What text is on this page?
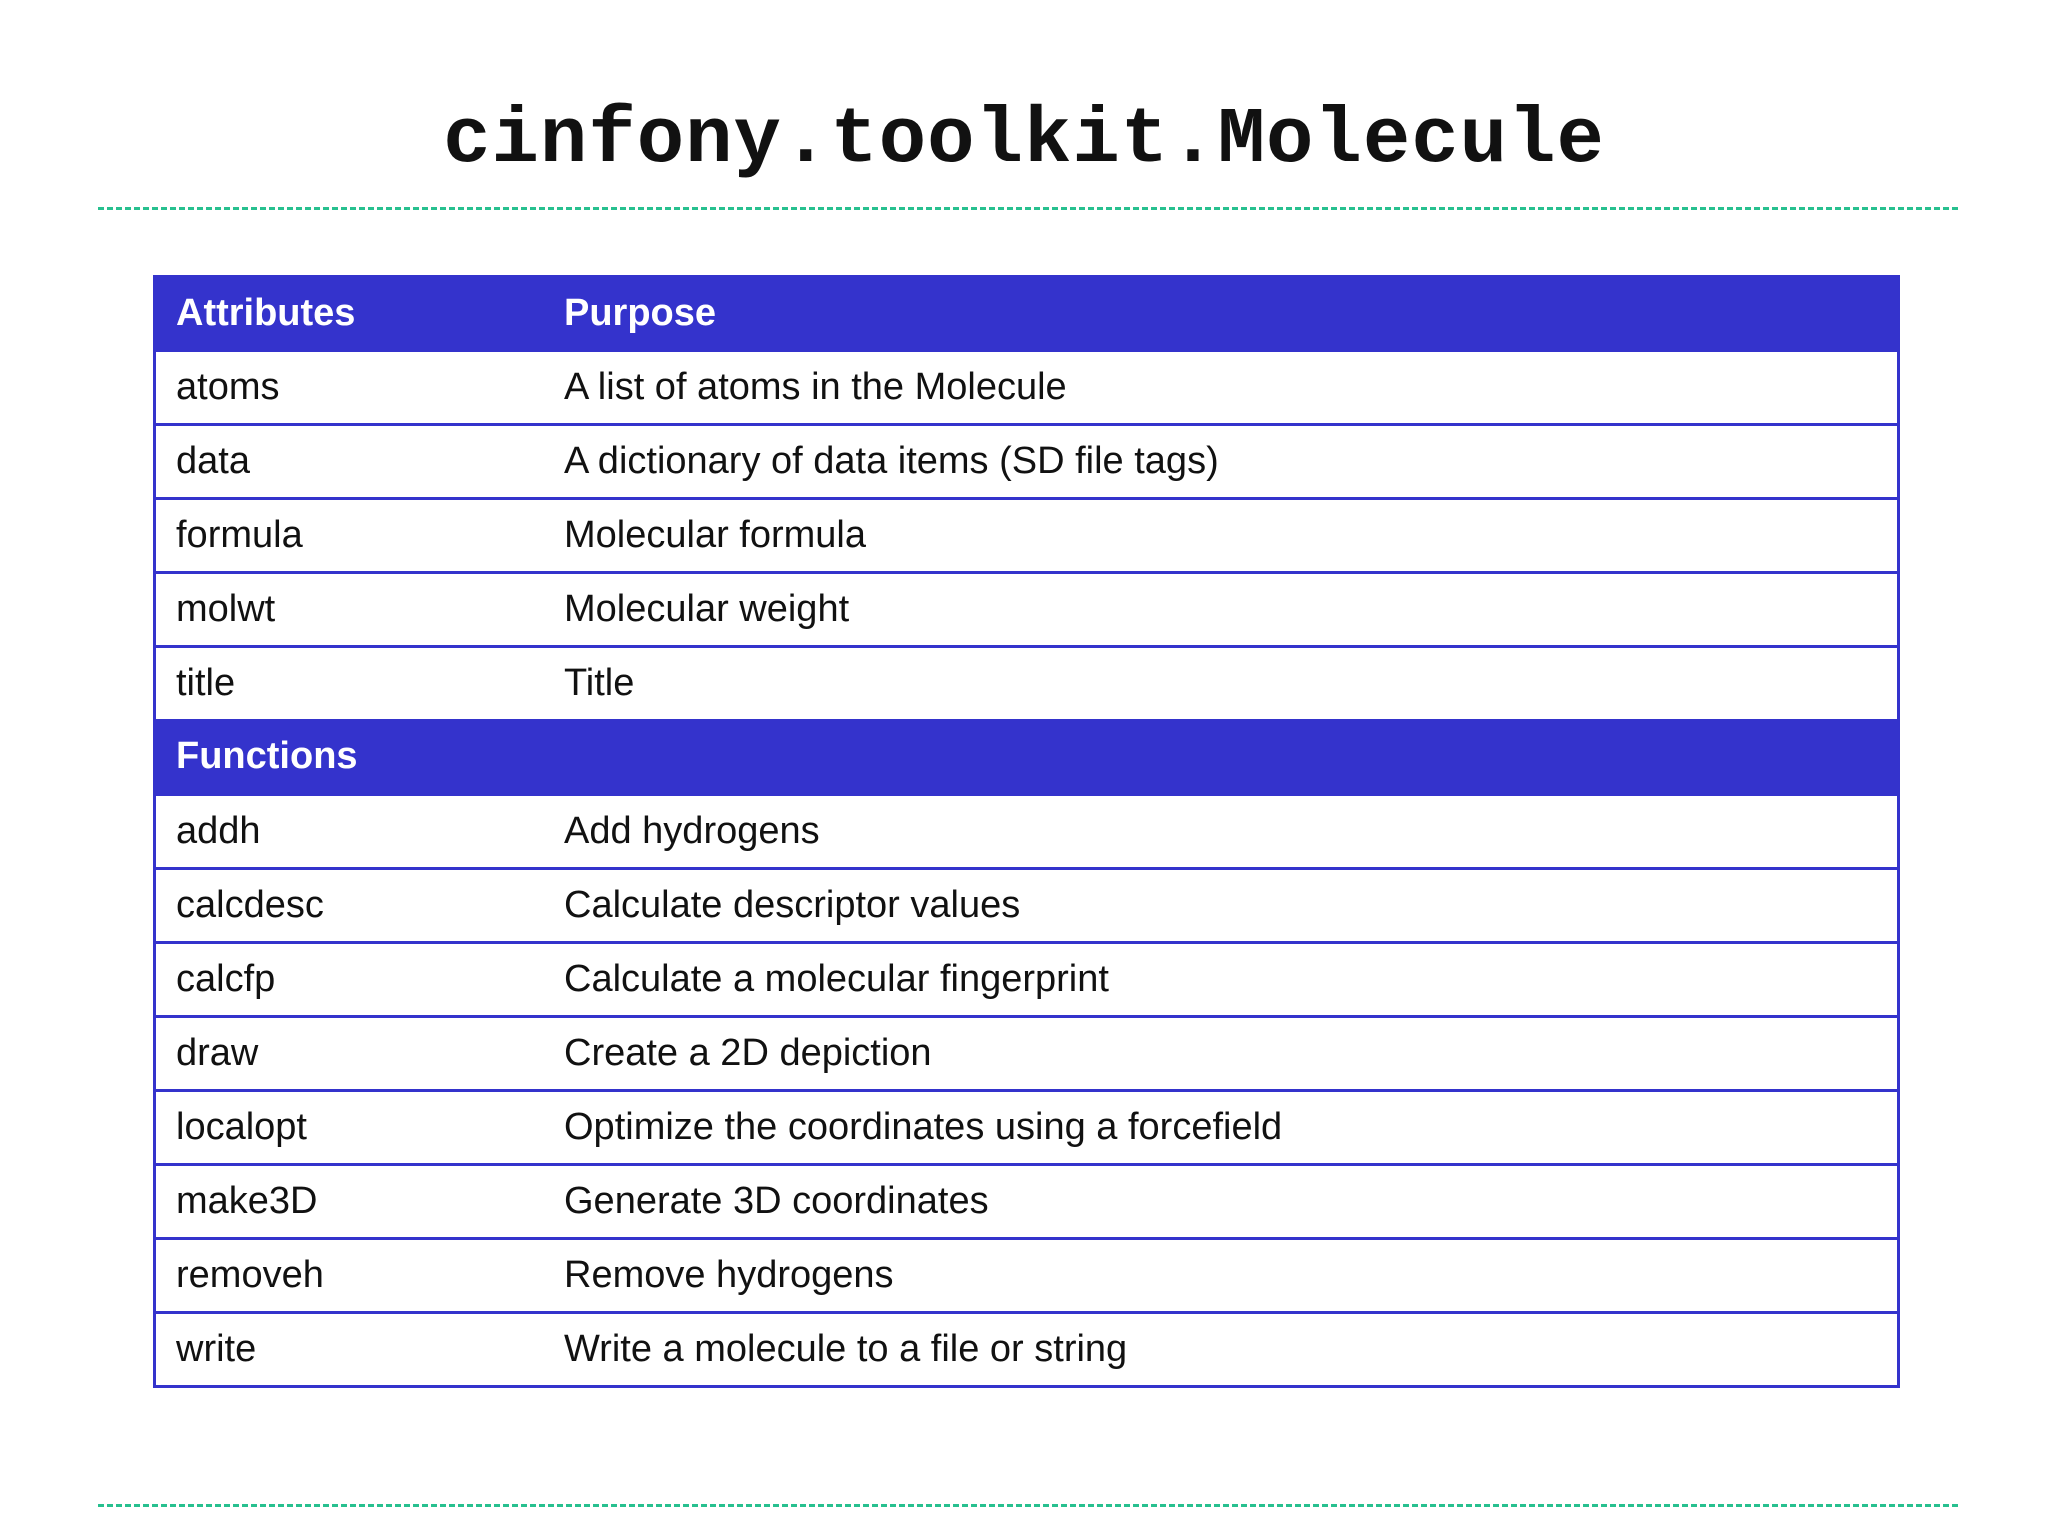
cinfony.toolkit.Molecule
Attributes	Purpose
atoms	A list of atoms in the Molecule
data	A dictionary of data items (SD file tags)
formula	Molecular formula
molwt	Molecular weight
title	Title
Functions
addh	Add hydrogens
calcdesc	Calculate descriptor values
calcfp	Calculate a molecular fingerprint
draw	Create a 2D depiction
localopt	Optimize the coordinates using a forcefield
make3D	Generate 3D coordinates
removeh	Remove hydrogens
write	Write a molecule to a file or string
